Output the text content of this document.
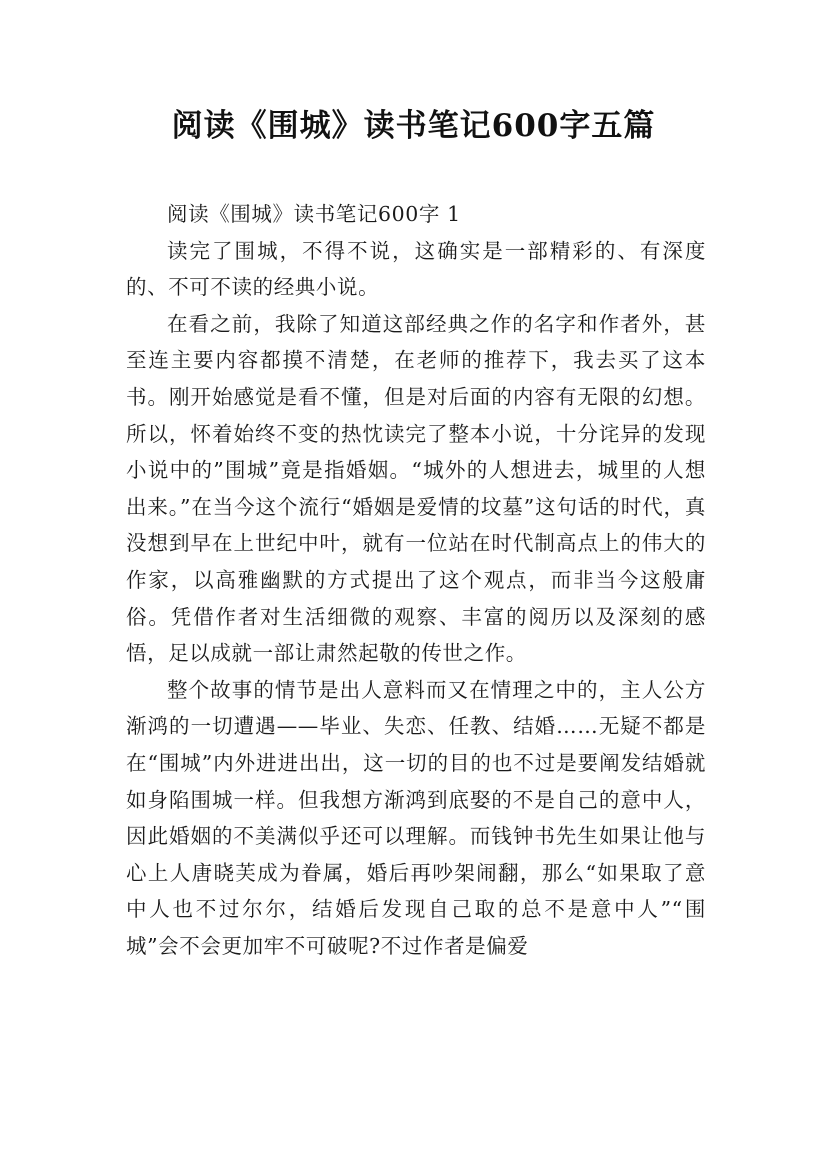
阅读《围城》读书笔记600字五篇

阅读《围城》读书笔记600字 1

读完了围城，不得不说，这确实是一部精彩的、有深度的、不可不读的经典小说。

在看之前，我除了知道这部经典之作的名字和作者外，甚至连主要内容都摸不清楚，在老师的推荐下，我去买了这本书。刚开始感觉是看不懂，但是对后面的内容有无限的幻想。所以，怀着始终不变的热忱读完了整本小说，十分诧异的发现小说中的”围城”竟是指婚姻。“城外的人想进去，城里的人想出来。”在当今这个流行“婚姻是爱情的坟墓”这句话的时代，真没想到早在上世纪中叶，就有一位站在时代制高点上的伟大的作家，以高雅幽默的方式提出了这个观点，而非当今这般庸俗。凭借作者对生活细微的观察、丰富的阅历以及深刻的感悟，足以成就一部让肃然起敬的传世之作。

整个故事的情节是出人意料而又在情理之中的，主人公方渐鸿的一切遭遇——毕业、失恋、任教、结婚……无疑不都是在“围城”内外进进出出，这一切的目的也不过是要阐发结婚就如身陷围城一样。但我想方渐鸿到底娶的不是自己的意中人，因此婚姻的不美满似乎还可以理解。而钱钟书先生如果让他与心上人唐晓芙成为眷属，婚后再吵架闹翻，那么“如果取了意中人也不过尔尔，结婚后发现自己取的总不是意中人”“围城”会不会更加牢不可破呢?不过作者是偏爱
